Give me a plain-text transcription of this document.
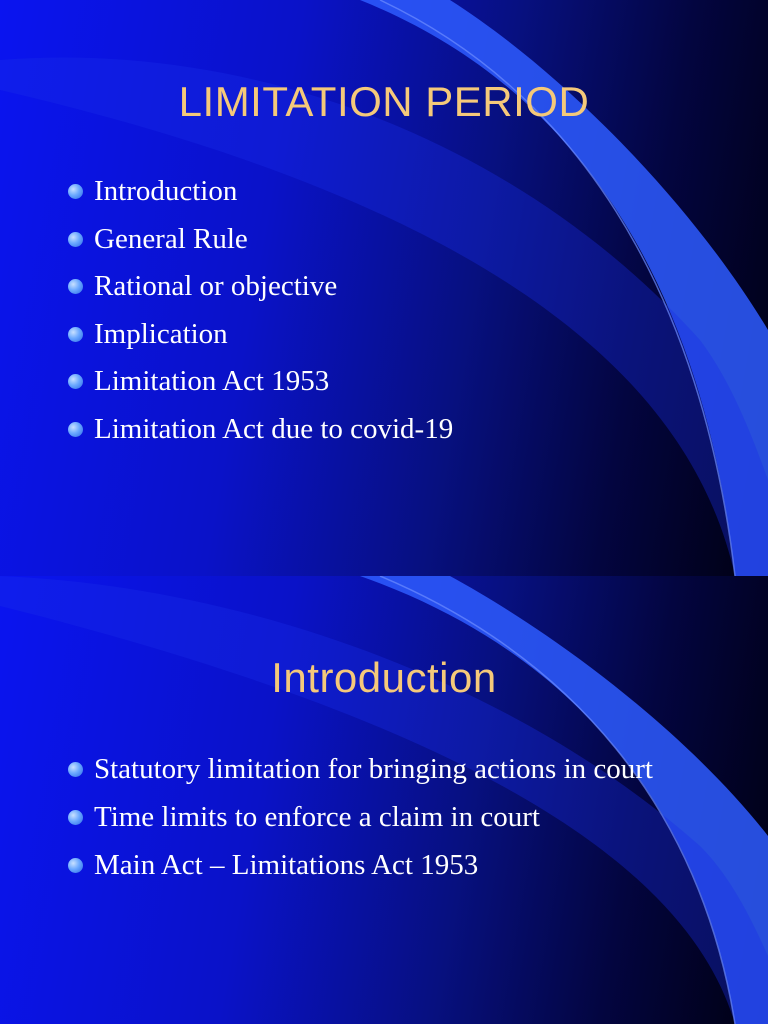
LIMITATION PERIOD
Introduction
General Rule
Rational or objective
Implication
Limitation Act 1953
Limitation Act due to covid-19
Introduction
Statutory limitation for bringing actions in court
Time limits to enforce a claim in court
Main Act – Limitations Act 1953
